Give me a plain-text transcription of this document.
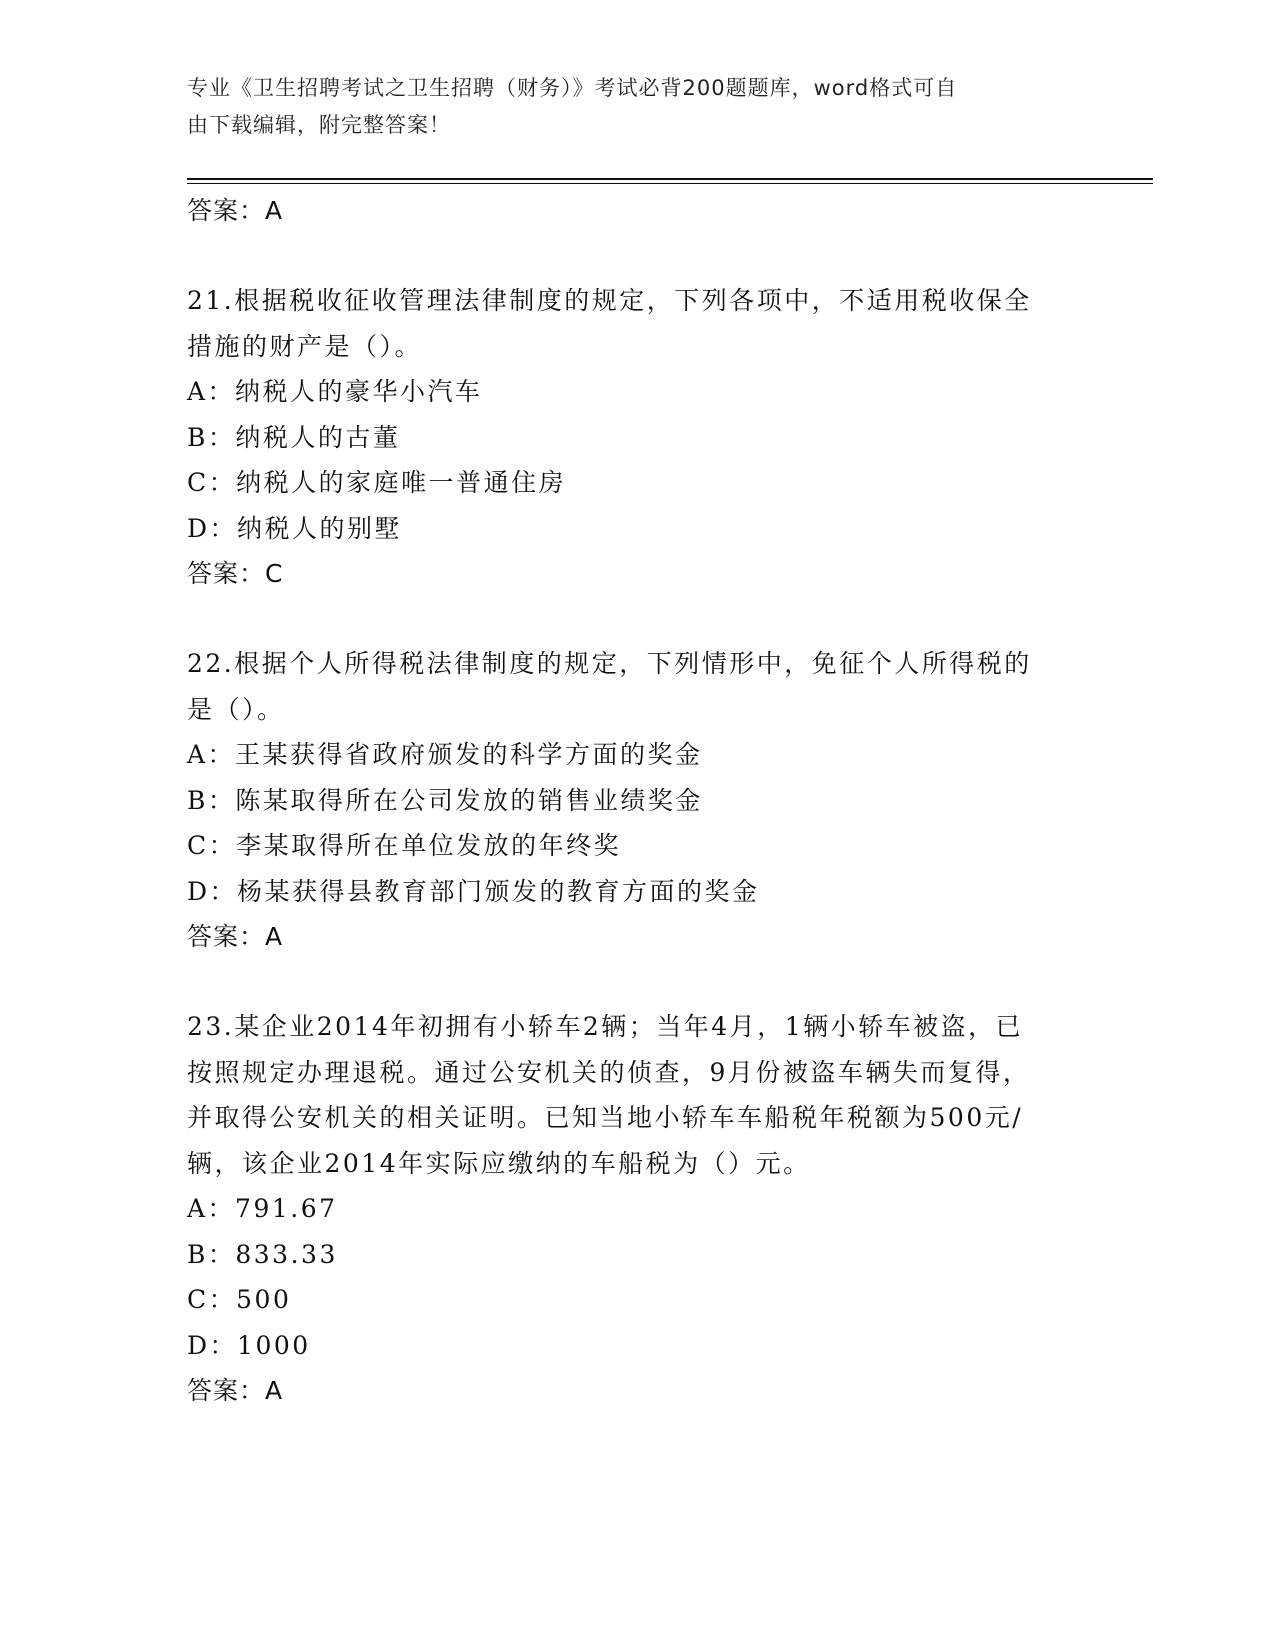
专业《卫生招聘考试之卫生招聘（财务）》考试必背200题题库，word格式可自
由下载编辑，附完整答案！
答案：A
21.根据税收征收管理法律制度的规定，下列各项中，不适用税收保全
措施的财产是（）。
A：纳税人的豪华小汽车
B：纳税人的古董
C：纳税人的家庭唯一普通住房
D：纳税人的别墅
答案：C
22.根据个人所得税法律制度的规定，下列情形中，免征个人所得税的
是（）。
A：王某获得省政府颁发的科学方面的奖金
B：陈某取得所在公司发放的销售业绩奖金
C：李某取得所在单位发放的年终奖
D：杨某获得县教育部门颁发的教育方面的奖金
答案：A
23.某企业2014年初拥有小轿车2辆；当年4月，1辆小轿车被盗，已
按照规定办理退税。通过公安机关的侦查，9月份被盗车辆失而复得，
并取得公安机关的相关证明。已知当地小轿车车船税年税额为500元/
辆，该企业2014年实际应缴纳的车船税为（）元。
A：791.67
B：833.33
C：500
D：1000
答案：A
